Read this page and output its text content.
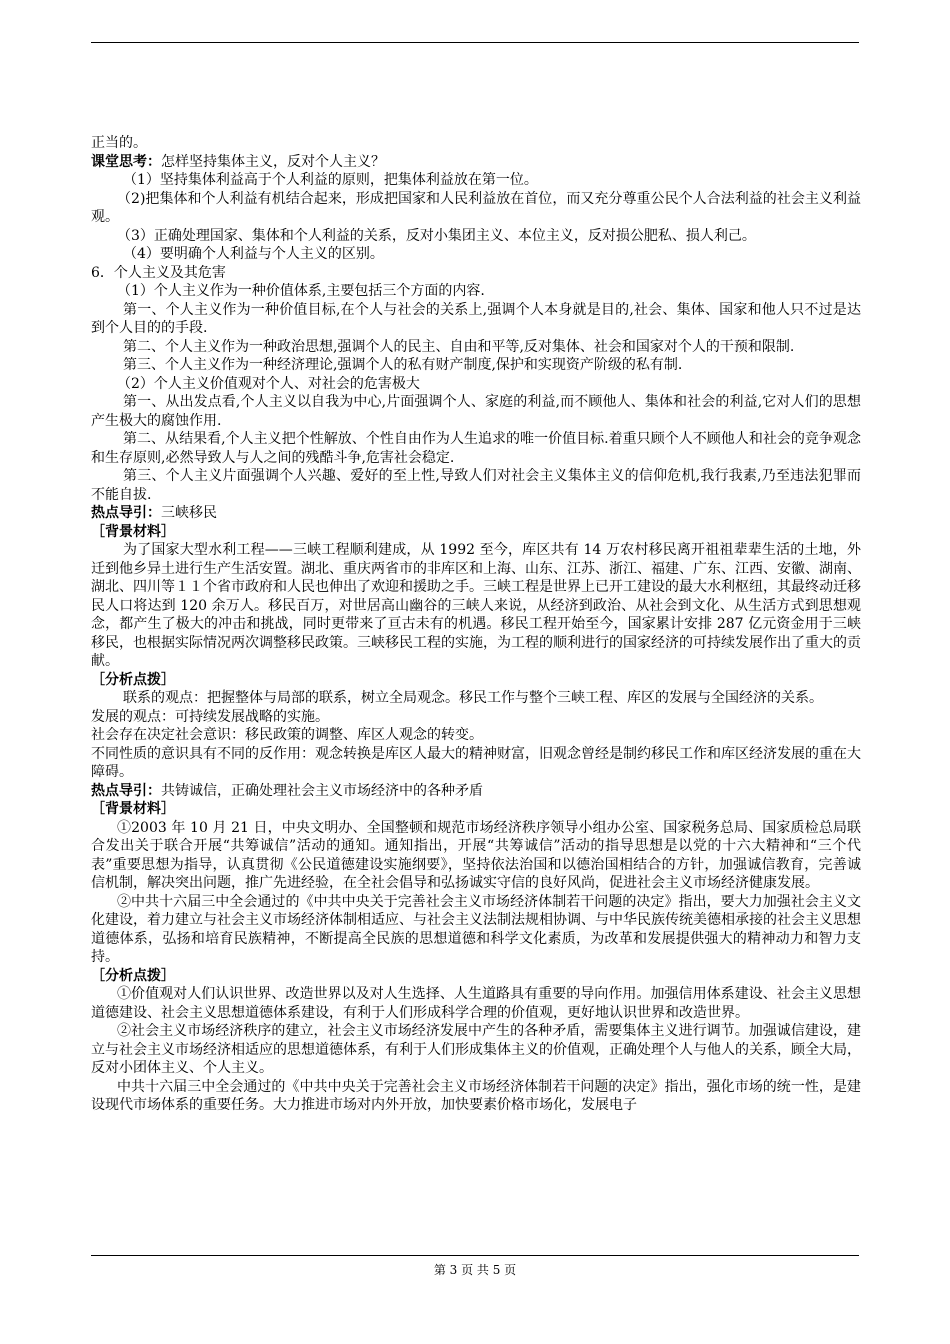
正当的。

课堂思考：怎样坚持集体主义，反对个人主义？

（1）坚持集体利益高于个人利益的原则，把集体利益放在第一位。

（2)把集体和个人利益有机结合起来，形成把国家和人民利益放在首位，而又充分尊重公民个人合法利益的社会主义利益观。

（3）正确处理国家、集体和个人利益的关系，反对小集团主义、本位主义，反对损公肥私、损人利己。

（4）要明确个人利益与个人主义的区别。

6．个人主义及其危害

（1）个人主义作为一种价值体系,主要包括三个方面的内容.

第一、个人主义作为一种价值目标,在个人与社会的关系上,强调个人本身就是目的,社会、集体、国家和他人只不过是达到个人目的的手段.

第二、个人主义作为一种政治思想,强调个人的民主、自由和平等,反对集体、社会和国家对个人的干预和限制.

第三、个人主义作为一种经济理论,强调个人的私有财产制度,保护和实现资产阶级的私有制.

（2）个人主义价值观对个人、对社会的危害极大

第一、从出发点看,个人主义以自我为中心,片面强调个人、家庭的利益,而不顾他人、集体和社会的利益,它对人们的思想产生极大的腐蚀作用.

第二、从结果看,个人主义把个性解放、个性自由作为人生追求的唯一价值目标.着重只顾个人不顾他人和社会的竞争观念和生存原则,必然导致人与人之间的残酷斗争,危害社会稳定.

第三、个人主义片面强调个人兴趣、爱好的至上性,导致人们对社会主义集体主义的信仰危机,我行我素,乃至违法犯罪而不能自拔.

热点导引：三峡移民

［背景材料］

为了国家大型水利工程——三峡工程顺利建成，从 1992 至今，库区共有 14 万农村移民离开祖祖辈辈生活的土地，外迁到他乡异土进行生产生活安置。湖北、重庆两省市的非库区和上海、山东、江苏、浙江、福建、广东、江西、安徽、湖南、湖北、四川等１１个省市政府和人民也伸出了欢迎和援助之手。三峡工程是世界上已开工建设的最大水利枢纽，其最终动迁移民人口将达到 120 余万人。移民百万，对世居高山幽谷的三峡人来说，从经济到政治、从社会到文化、从生活方式到思想观念，都产生了极大的冲击和挑战，同时更带来了亘古未有的机遇。移民工程开始至今，国家累计安排 287 亿元资金用于三峡移民，也根据实际情况两次调整移民政策。三峡移民工程的实施，为工程的顺利进行的国家经济的可持续发展作出了重大的贡献。

［分析点拨］

联系的观点：把握整体与局部的联系，树立全局观念。移民工作与整个三峡工程、库区的发展与全国经济的关系。

发展的观点：可持续发展战略的实施。

社会存在决定社会意识：移民政策的调整、库区人观念的转变。

不同性质的意识具有不同的反作用：观念转换是库区人最大的精神财富，旧观念曾经是制约移民工作和库区经济发展的重在大障碍。

热点导引：共铸诚信，正确处理社会主义市场经济中的各种矛盾

［背景材料］

①2003 年 10 月 21 日，中央文明办、全国整顿和规范市场经济秩序领导小组办公室、国家税务总局、国家质检总局联合发出关于联合开展“共筹诚信”活动的通知。通知指出，开展“共筹诚信”活动的指导思想是以党的十六大精神和“三个代表”重要思想为指导，认真贯彻《公民道德建设实施纲要》，坚持依法治国和以德治国相结合的方针，加强诚信教育，完善诚信机制，解决突出问题，推广先进经验，在全社会倡导和弘扬诚实守信的良好风尚，促进社会主义市场经济健康发展。

②中共十六届三中全会通过的《中共中央关于完善社会主义市场经济体制若干问题的决定》指出，要大力加强社会主义文化建设，着力建立与社会主义市场经济体制相适应、与社会主义法制法规相协调、与中华民族传统美德相承接的社会主义思想道德体系，弘扬和培育民族精神，不断提高全民族的思想道德和科学文化素质，为改革和发展提供强大的精神动力和智力支持。

［分析点拨］

①价值观对人们认识世界、改造世界以及对人生选择、人生道路具有重要的导向作用。加强信用体系建设、社会主义思想道德建设、社会主义思想道德体系建设，有利于人们形成科学合理的价值观，更好地认识世界和改造世界。

②社会主义市场经济秩序的建立，社会主义市场经济发展中产生的各种矛盾，需要集体主义进行调节。加强诚信建设，建立与社会主义市场经济相适应的思想道德体系，有利于人们形成集体主义的价值观，正确处理个人与他人的关系，顾全大局，反对小团体主义、个人主义。

中共十六届三中全会通过的《中共中央关于完善社会主义市场经济体制若干问题的决定》指出，强化市场的统一性，是建设现代市场体系的重要任务。大力推进市场对内外开放，加快要素价格市场化，发展电子

第 3 页 共 5 页
